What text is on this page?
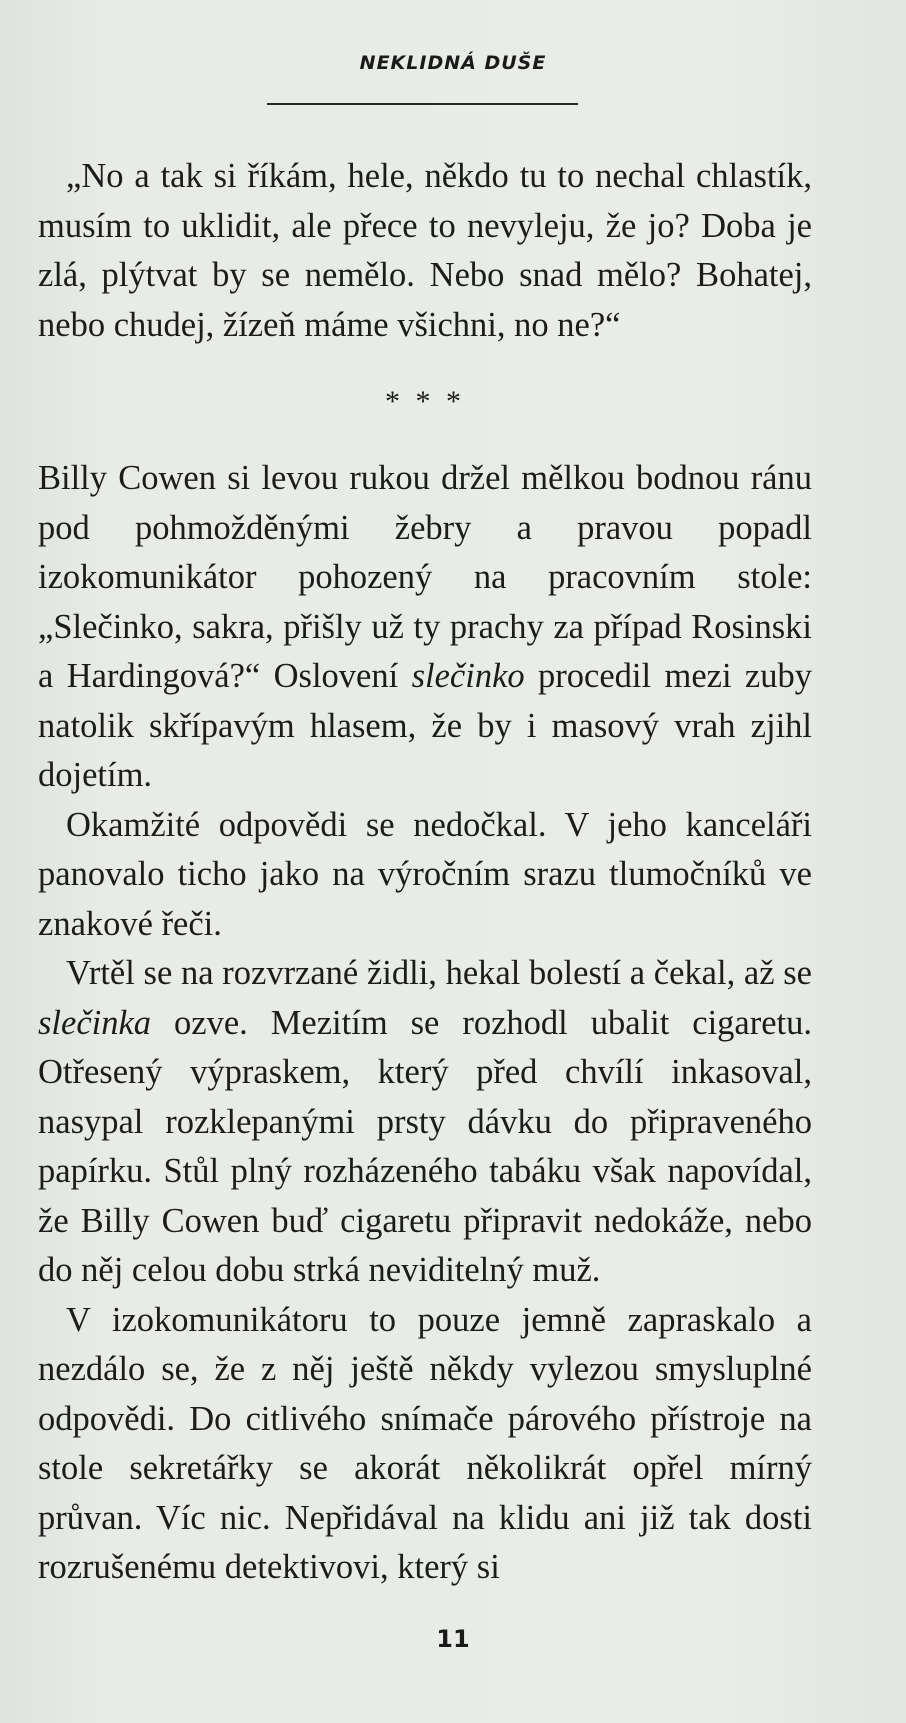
NEKLIDNÁ DUŠE

„No a tak si říkám, hele, někdo tu to nechal chlastík, musím to uklidit, ale přece to nevyleju, že jo? Doba je zlá, plýtvat by se nemělo. Nebo snad mělo? Bohatej, nebo chudej, žízeň máme všichni, no ne?“

* * *

Billy Cowen si levou rukou držel mělkou bodnou ránu pod pohmožděnými žebry a pravou popadl izokomunikátor pohozený na pracovním stole: „Slečinko, sakra, přišly už ty prachy za případ Rosinski a Hardingová?“ Oslovení slečinko procedil mezi zuby natolik skřípavým hlasem, že by i masový vrah zjihl dojetím.

Okamžité odpovědi se nedočkal. V jeho kanceláři panovalo ticho jako na výročním srazu tlumočníků ve znakové řeči.

Vrtěl se na rozvrzané židli, hekal bolestí a čekal, až se slečinka ozve. Mezitím se rozhodl ubalit cigaretu. Otřesený výpraskem, který před chvílí inkasoval, nasypal rozklepanými prsty dávku do připraveného papírku. Stůl plný rozházeného tabáku však napovídal, že Billy Cowen buď cigaretu připravit nedokáže, nebo do něj celou dobu strká neviditelný muž.

V izokomunikátoru to pouze jemně zapraskalo a nezdálo se, že z něj ještě někdy vylezou smysluplné odpovědi. Do citlivého snímače párového přístroje na stole sekretářky se akorát několikrát opřel mírný průvan. Víc nic. Nepřidával na klidu ani již tak dosti rozrušenému detektivovi, který si

11
